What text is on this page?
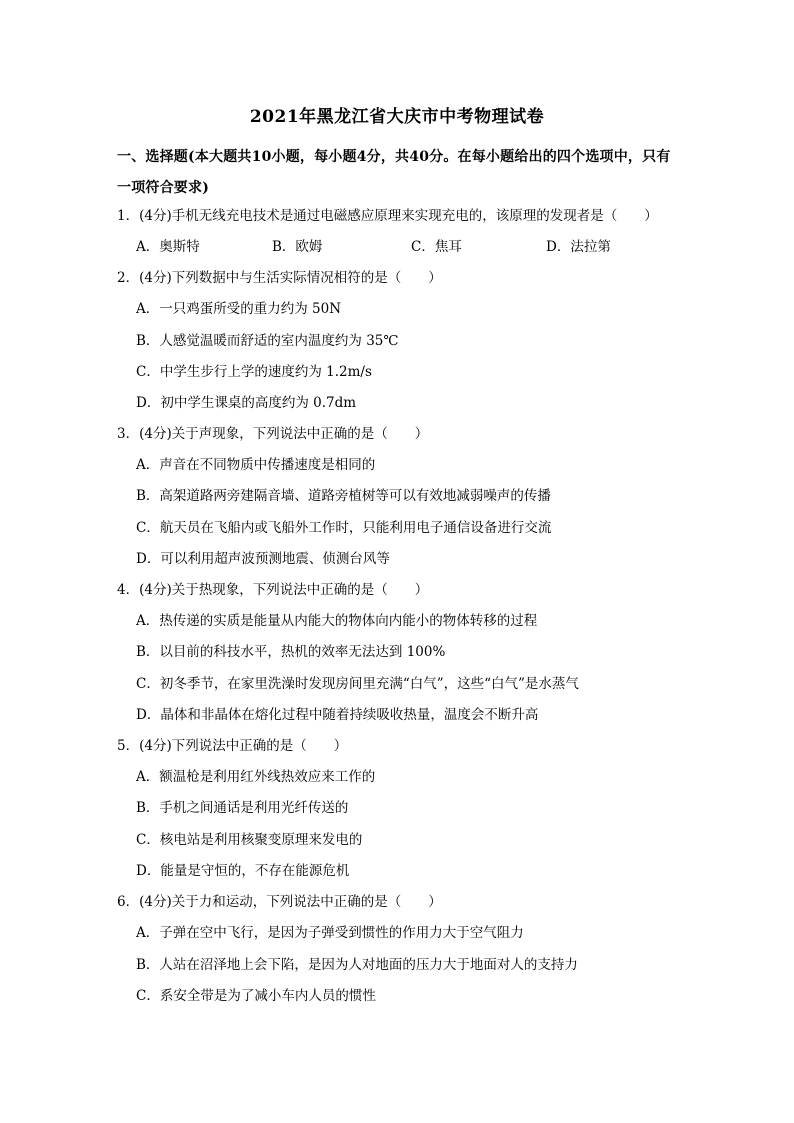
2021年黑龙江省大庆市中考物理试卷
一、选择题(本大题共10小题，每小题4分，共40分。在每小题给出的四个选项中，只有一项符合要求)
1．(4分)手机无线充电技术是通过电磁感应原理来实现充电的，该原理的发现者是（　　）
A．奥斯特	B．欧姆	C．焦耳	D．法拉第
2．(4分)下列数据中与生活实际情况相符的是（　　）
A．一只鸡蛋所受的重力约为 50N
B．人感觉温暖而舒适的室内温度约为 35℃
C．中学生步行上学的速度约为 1.2m/s
D．初中学生课桌的高度约为 0.7dm
3．(4分)关于声现象，下列说法中正确的是（　　）
A．声音在不同物质中传播速度是相同的
B．高架道路两旁建隔音墙、道路旁植树等可以有效地减弱噪声的传播
C．航天员在飞船内或飞船外工作时，只能利用电子通信设备进行交流
D．可以利用超声波预测地震、侦测台风等
4．(4分)关于热现象，下列说法中正确的是（　　）
A．热传递的实质是能量从内能大的物体向内能小的物体转移的过程
B．以目前的科技水平，热机的效率无法达到 100%
C．初冬季节，在家里洗澡时发现房间里充满“白气”，这些“白气”是水蒸气
D．晶体和非晶体在熔化过程中随着持续吸收热量，温度会不断升高
5．(4分)下列说法中正确的是（　　）
A．额温枪是利用红外线热效应来工作的
B．手机之间通话是利用光纤传送的
C．核电站是利用核聚变原理来发电的
D．能量是守恒的，不存在能源危机
6．(4分)关于力和运动，下列说法中正确的是（　　）
A．子弹在空中飞行，是因为子弹受到惯性的作用力大于空气阻力
B．人站在沼泽地上会下陷，是因为人对地面的压力大于地面对人的支持力
C．系安全带是为了减小车内人员的惯性
